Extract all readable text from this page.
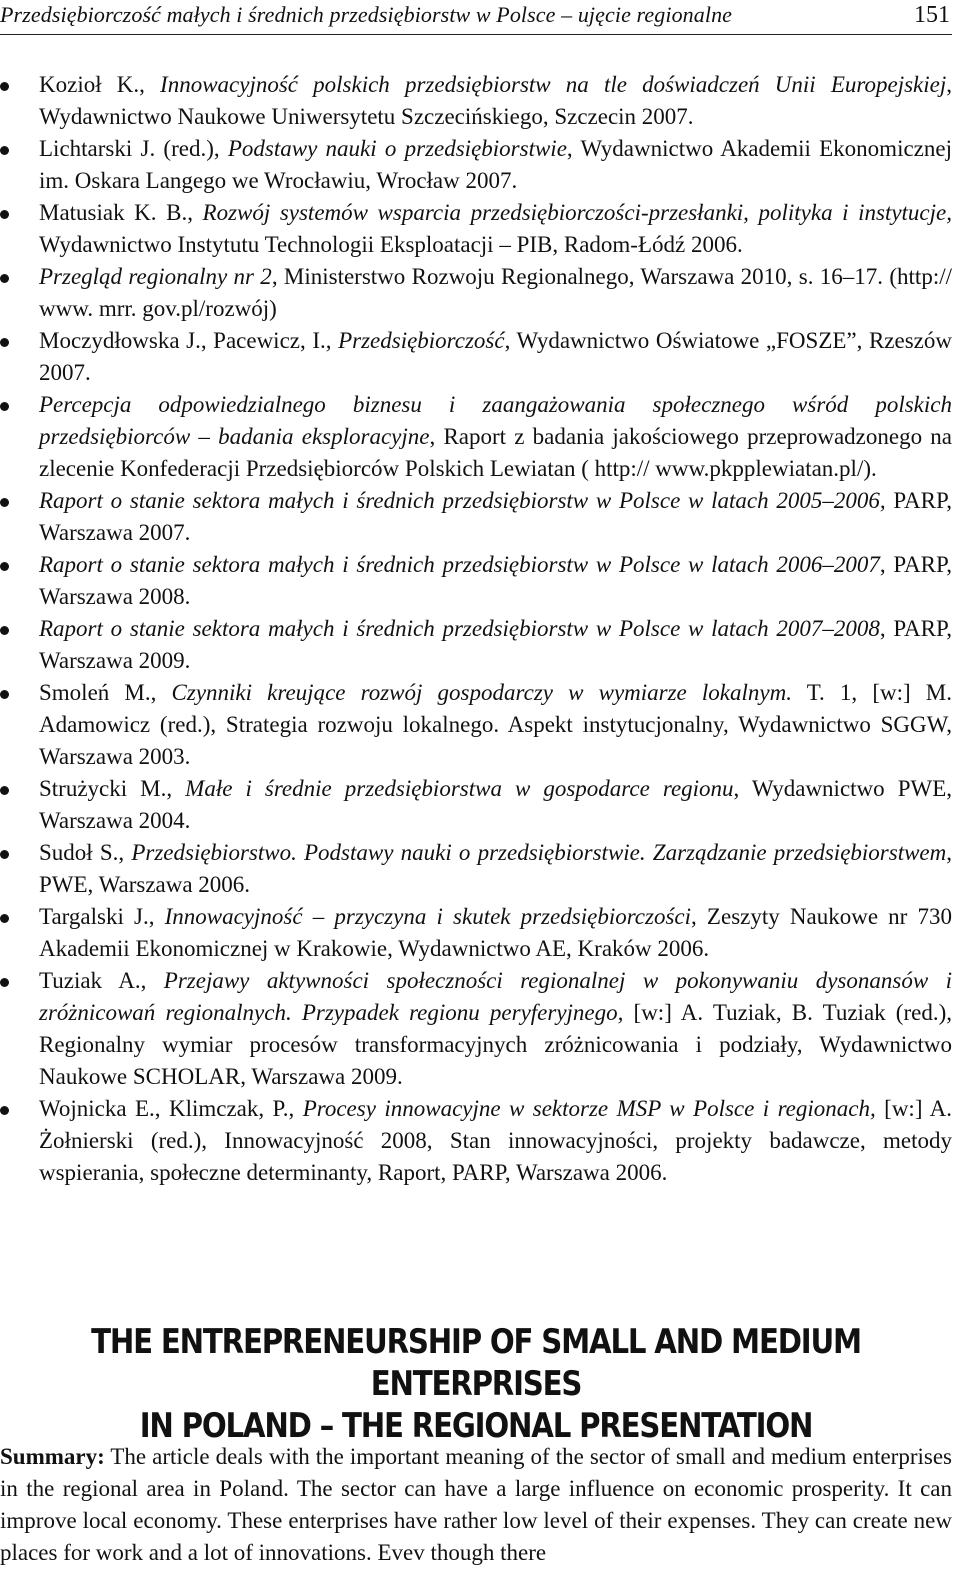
Przedsiębiorczość małych i średnich przedsiębiorstw w Polsce – ujęcie regionalne	151
Kozioł K., Innowacyjność polskich przedsiębiorstw na tle doświadczeń Unii Europejskiej, Wydawnictwo Naukowe Uniwersytetu Szczecińskiego, Szczecin 2007.
Lichtarski J. (red.), Podstawy nauki o przedsiębiorstwie, Wydawnictwo Akademii Ekonomicznej im. Oskara Langego we Wrocławiu, Wrocław 2007.
Matusiak K. B., Rozwój systemów wsparcia przedsiębiorczości-przesłanki, polityka i instytucje, Wydawnictwo Instytutu Technologii Eksploatacji – PIB, Radom-Łódź 2006.
Przegląd regionalny nr 2, Ministerstwo Rozwoju Regionalnego, Warszawa 2010, s. 16–17. (http:// www. mrr. gov.pl/rozwój)
Moczydłowska J., Pacewicz, I., Przedsiębiorczość, Wydawnictwo Oświatowe „FOSZE”, Rzeszów 2007.
Percepcja odpowiedzialnego biznesu i zaangażowania społecznego wśród polskich przedsiębiorców – badania eksploracyjne, Raport z badania jakościowego przeprowadzonego na zlecenie Konfederacji Przedsiębiorców Polskich Lewiatan ( http:// www.pkpplewiatan.pl/).
Raport o stanie sektora małych i średnich przedsiębiorstw w Polsce w latach 2005–2006, PARP, Warszawa 2007.
Raport o stanie sektora małych i średnich przedsiębiorstw w Polsce w latach 2006–2007, PARP, Warszawa 2008.
Raport o stanie sektora małych i średnich przedsiębiorstw w Polsce w latach 2007–2008, PARP, Warszawa 2009.
Smoleń M., Czynniki kreujące rozwój gospodarczy w wymiarze lokalnym. T. 1, [w:] M. Adamowicz (red.), Strategia rozwoju lokalnego. Aspekt instytucjonalny, Wydawnictwo SGGW, Warszawa 2003.
Strużycki M., Małe i średnie przedsiębiorstwa w gospodarce regionu, Wydawnictwo PWE, Warszawa 2004.
Sudoł S., Przedsiębiorstwo. Podstawy nauki o przedsiębiorstwie. Zarządzanie przedsiębiorstwem, PWE, Warszawa 2006.
Targalski J., Innowacyjność – przyczyna i skutek przedsiębiorczości, Zeszyty Naukowe nr 730 Akademii Ekonomicznej w Krakowie, Wydawnictwo AE, Kraków 2006.
Tuziak A., Przejawy aktywności społeczności regionalnej w pokonywaniu dysonansów i zróżnicowań regionalnych. Przypadek regionu peryferyjnego, [w:] A. Tuziak, B. Tuziak (red.), Regionalny wymiar procesów transformacyjnych zróżnicowania i podziały, Wydawnictwo Naukowe SCHOLAR, Warszawa 2009.
Wojnicka E., Klimczak, P., Procesy innowacyjne w sektorze MSP w Polsce i regionach, [w:] A. Żołnierski (red.), Innowacyjność 2008, Stan innowacyjności, projekty badawcze, metody wspierania, społeczne determinanty, Raport, PARP, Warszawa 2006.
THE ENTREPRENEURSHIP OF SMALL AND MEDIUM ENTERPRISES
IN POLAND – THE REGIONAL PRESENTATION

Summary: The article deals with the important meaning of the sector of small and medium enterprises in the regional area in Poland. The sector can have a large influence on economic prosperity. It can improve local economy. These enterprises have rather low level of their expenses. They can create new places for work and a lot of innovations. Evev though there
